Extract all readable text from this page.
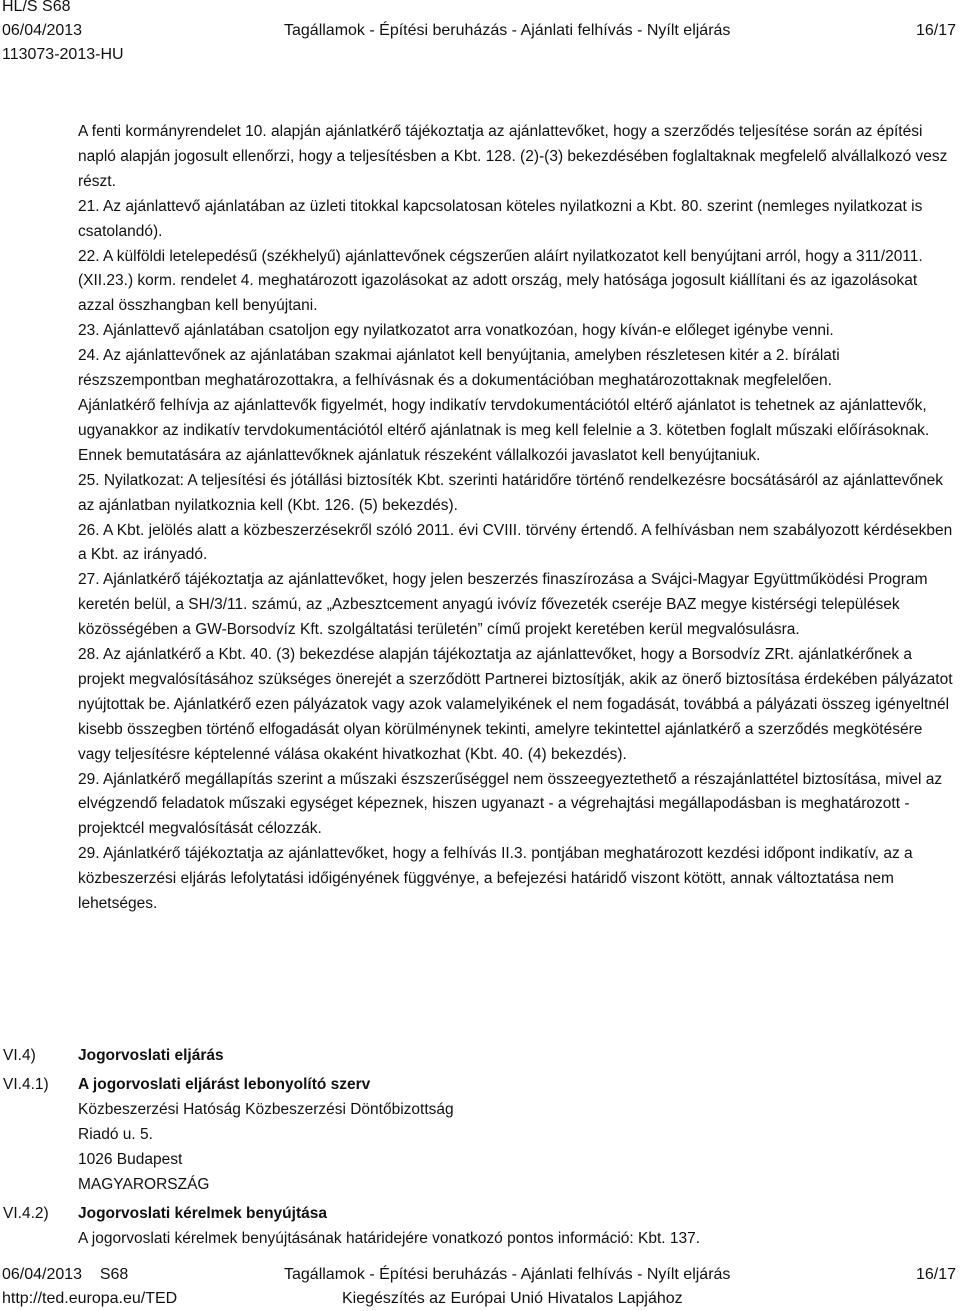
HL/S S68
06/04/2013
113073-2013-HU
Tagállamok - Építési beruházás - Ajánlati felhívás - Nyílt eljárás	16/17

A fenti kormányrendelet 10. alapján ajánlatkérő tájékoztatja az ajánlattevőket, hogy a szerződés teljesítése során az építési napló alapján jogosult ellenőrzi, hogy a teljesítésben a Kbt. 128. (2)-(3) bekezdésében foglaltaknak megfelelő alvállalkozó vesz részt.

21. Az ajánlattevő ajánlatában az üzleti titokkal kapcsolatosan köteles nyilatkozni a Kbt. 80. szerint (nemleges nyilatkozat is csatolandó).

22. A külföldi letelepedésű (székhelyű) ajánlattevőnek cégszerűen aláírt nyilatkozatot kell benyújtani arról, hogy a 311/2011. (XII.23.) korm. rendelet 4. meghatározott igazolásokat az adott ország, mely hatósága jogosult kiállítani és az igazolásokat azzal összhangban kell benyújtani.

23. Ajánlattevő ajánlatában csatoljon egy nyilatkozatot arra vonatkozóan, hogy kíván-e előleget igénybe venni.

24. Az ajánlattevőnek az ajánlatában szakmai ajánlatot kell benyújtania, amelyben részletesen kitér a 2. bírálati részszempontban meghatározottakra, a felhívásnak és a dokumentációban meghatározottaknak megfelelően.

Ajánlatkérő felhívja az ajánlattevők figyelmét, hogy indikatív tervdokumentációtól eltérő ajánlatot is tehetnek az ajánlattevők, ugyanakkor az indikatív tervdokumentációtól eltérő ajánlatnak is meg kell felelnie a 3. kötetben foglalt műszaki előírásoknak. Ennek bemutatására az ajánlattevőknek ajánlatuk részeként vállalkozói javaslatot kell benyújtaniuk.

25. Nyilatkozat: A teljesítési és jótállási biztosíték Kbt. szerinti határidőre történő rendelkezésre bocsátásáról az ajánlattevőnek az ajánlatban nyilatkoznia kell (Kbt. 126. (5) bekezdés).

26. A Kbt. jelölés alatt a közbeszerzésekről szóló 2011. évi CVIII. törvény értendő. A felhívásban nem szabályozott kérdésekben a Kbt. az irányadó.

27. Ajánlatkérő tájékoztatja az ajánlattevőket, hogy jelen beszerzés finaszírozása a Svájci-Magyar Együttműködési Program keretén belül, a SH/3/11. számú, az „Azbesztcement anyagú ivóvíz fővezeték cseréje BAZ megye kistérségi települések közösségében a GW-Borsodvíz Kft. szolgáltatási területén” című projekt keretében kerül megvalósulásra.

28. Az ajánlatkérő a Kbt. 40. (3) bekezdése alapján tájékoztatja az ajánlattevőket, hogy a Borsodvíz ZRt. ajánlatkérőnek a projekt megvalósításához szükséges önerejét a szerződött Partnerei biztosítják, akik az önerő biztosítása érdekében pályázatot nyújtottak be. Ajánlatkérő ezen pályázatok vagy azok valamelyikének el nem fogadását, továbbá a pályázati összeg igényeltnél kisebb összegben történő elfogadását olyan körülménynek tekinti, amelyre tekintettel ajánlatkérő a szerződés megkötésére vagy teljesítésre képtelenné válása okaként hivatkozhat (Kbt. 40. (4) bekezdés).

29. Ajánlatkérő megállapítás szerint a műszaki észszerűséggel nem összeegyeztethető a részajánlattétel biztosítása, mivel az elvégzendő feladatok műszaki egységet képeznek, hiszen ugyanazt - a végrehajtási megállapodásban is meghatározott - projektcél megvalósítását célozzák.

29. Ajánlatkérő tájékoztatja az ajánlattevőket, hogy a felhívás II.3. pontjában meghatározott kezdési időpont indikatív, az a közbeszerzési eljárás lefolytatási időigényének függvénye, a befejezési határidő viszont kötött, annak változtatása nem lehetséges.

VI.4)	Jogorvoslati eljárás

VI.4.1) A jogorvoslati eljárást lebonyolító szerv

Közbeszerzési Hatóság Közbeszerzési Döntőbizottság

Riadó u. 5.

1026 Budapest

MAGYARORSZÁG

VI.4.2) Jogorvoslati kérelmek benyújtása

A jogorvoslati kérelmek benyújtásának határidejére vonatkozó pontos információ: Kbt. 137.

06/04/2013 S68
http://ted.europa.eu/TED
Tagállamok - Építési beruházás - Ajánlati felhívás - Nyílt eljárás
Kiegészítés az Európai Unió Hivatalos Lapjához
16/17
